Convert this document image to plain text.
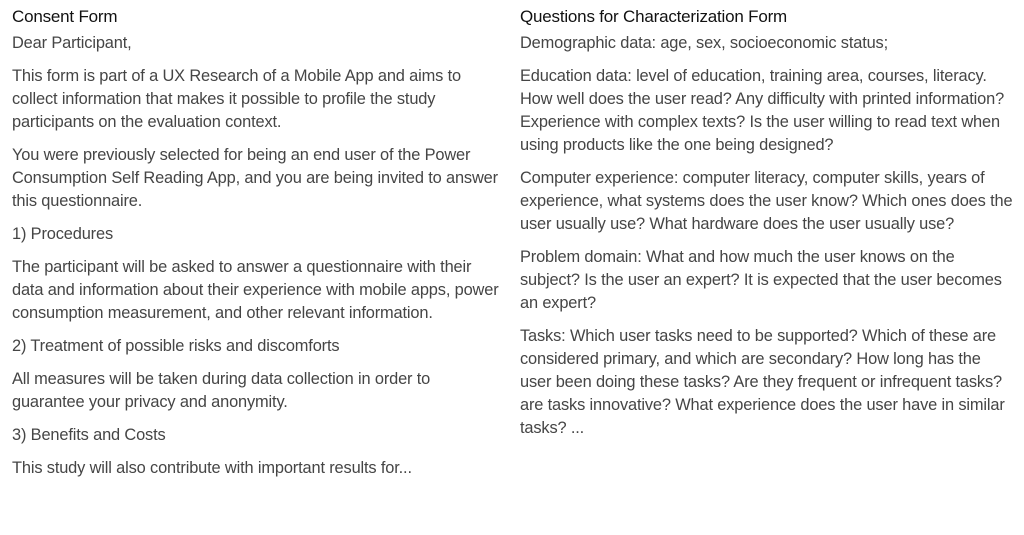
Consent Form

Dear Participant,

This form is part of a UX Research of a Mobile App and aims to collect information that makes it possible to profile the study participants on the evaluation context.

You were previously selected for being an end user of the Power Consumption Self Reading App, and you are being invited to answer this questionnaire.

1) Procedures

The participant will be asked to answer a questionnaire with their data and information about their experience with mobile apps, power consumption measurement, and other relevant information.

2) Treatment of possible risks and discomforts

All measures will be taken during data collection in order to guarantee your privacy and anonymity.

3) Benefits and Costs

This study will also contribute with important results for...

Questions for Characterization Form

Demographic data: age, sex, socioeconomic status;

Education data: level of education, training area, courses, literacy. How well does the user read? Any difficulty with printed information? Experience with complex texts? Is the user willing to read text when using products like the one being designed?

Computer experience: computer literacy, computer skills, years of experience, what systems does the user know? Which ones does the user usually use? What hardware does the user usually use?

Problem domain: What and how much the user knows on the subject? Is the user an expert? It is expected that the user becomes an expert?

Tasks: Which user tasks need to be supported? Which of these are considered primary, and which are secondary? How long has the user been doing these tasks? Are they frequent or infrequent tasks? are tasks innovative? What experience does the user have in similar tasks? ...
